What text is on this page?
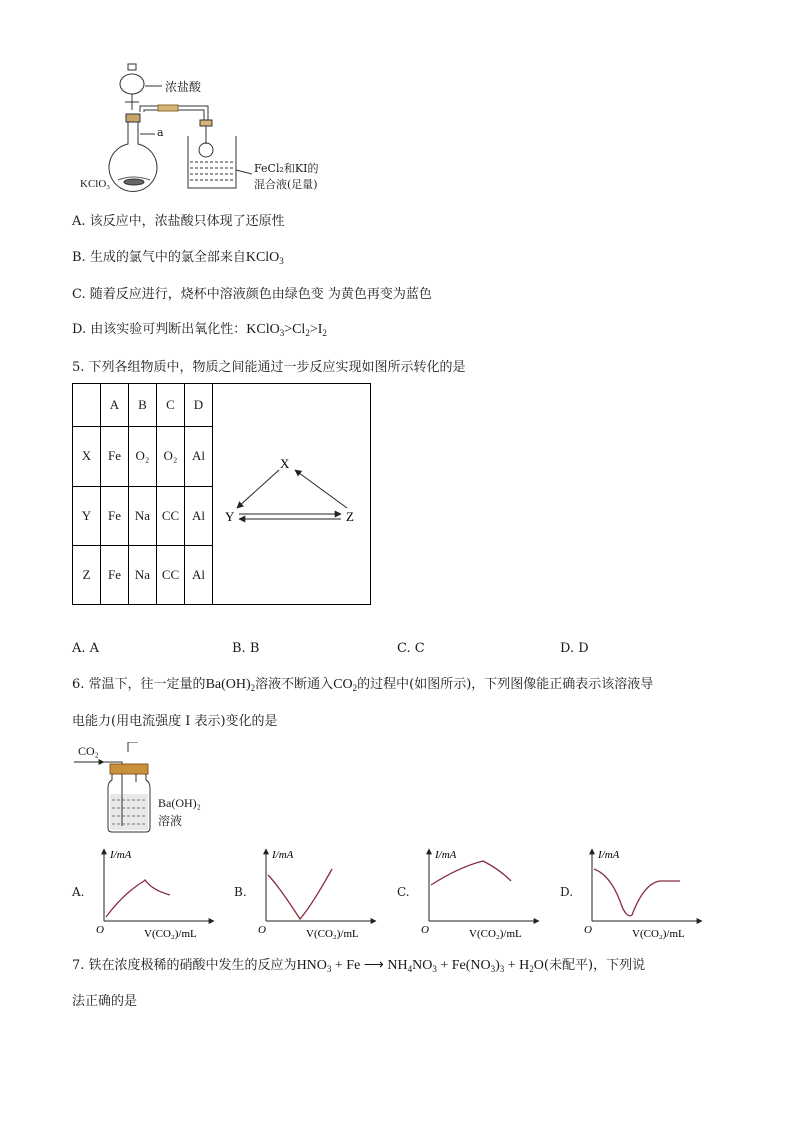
浓盐酸
a
KClO₃
FeCl₂和KI的
混合液(足量)
A. 该反应中，浓盐酸只体现了还原性
B. 生成的氯气中的氯全部来自KClO$_3$
C. 随着反应进行，烧杯中溶液颜色由绿色变 为黄色再变为蓝色
D. 由该实验可判断出氧化性：$KClO_3>Cl_2>I_2$
5. 下列各组物质中，物质之间能通过一步反应实现如图所示转化的是
	A	B	C	D	X
Y Z

X	Fe	O₂	O₂	Al	
Y	Fe	Na	CC	Al	
Z	Fe	Na	CC	Al	
A. A	B. B	C. C	D. D
6. 常温下，往一定量的$Ba(OH)_2$溶液不断通入$CO_2$的过程中(如图所示)，下列图像能正确表示该溶液导
电能力(用电流强度 I 表示)变化的是
CO₂
Ba(OH)₂
溶液
A.
I/mA
O	V(CO₂)/mL
B.
I/mA
O	V(CO₂)/mL
C.
I/mA
O	V(CO₂)/mL
D.
I/mA
O	V(CO₂)/mL
7. 铁在浓度极稀的硝酸中发生的反应为$HNO_3 + Fe$ ⟶ $NH_4NO_3 + Fe(NO_3)_3 + H_2O$(未配平)，下列说
法正确的是
